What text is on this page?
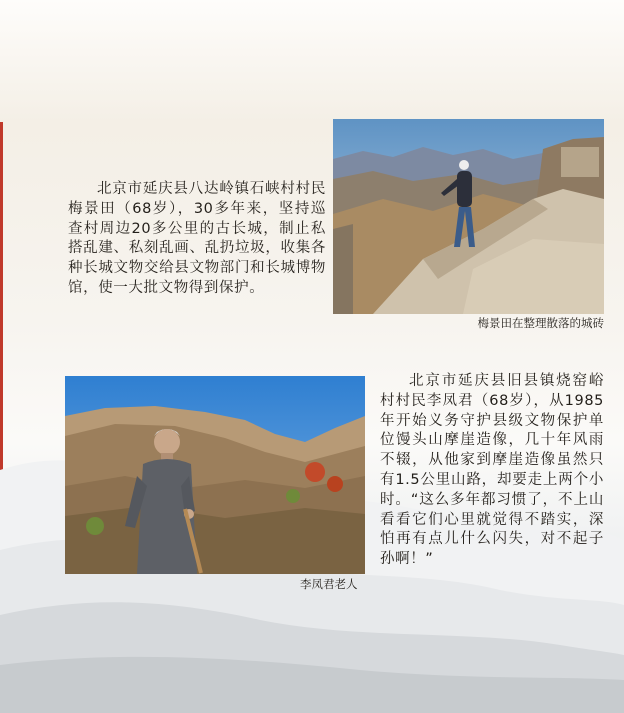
梅景田在整理散落的城砖

北京市延庆县八达岭镇石峡村村民梅景田（68岁），30多年来，坚持巡查村周边20多公里的古长城，制止私搭乱建、私刻乱画、乱扔垃圾，收集各种长城文物交给县文物部门和长城博物馆，使一大批文物得到保护。

李凤君老人

北京市延庆县旧县镇烧窑峪村村民李凤君（68岁），从1985年开始义务守护县级文物保护单位馒头山摩崖造像，几十年风雨不辍，从他家到摩崖造像虽然只有1.5公里山路，却要走上两个小时。“这么多年都习惯了，不上山看看它们心里就觉得不踏实，深怕再有点儿什么闪失，对不起子孙啊！”
